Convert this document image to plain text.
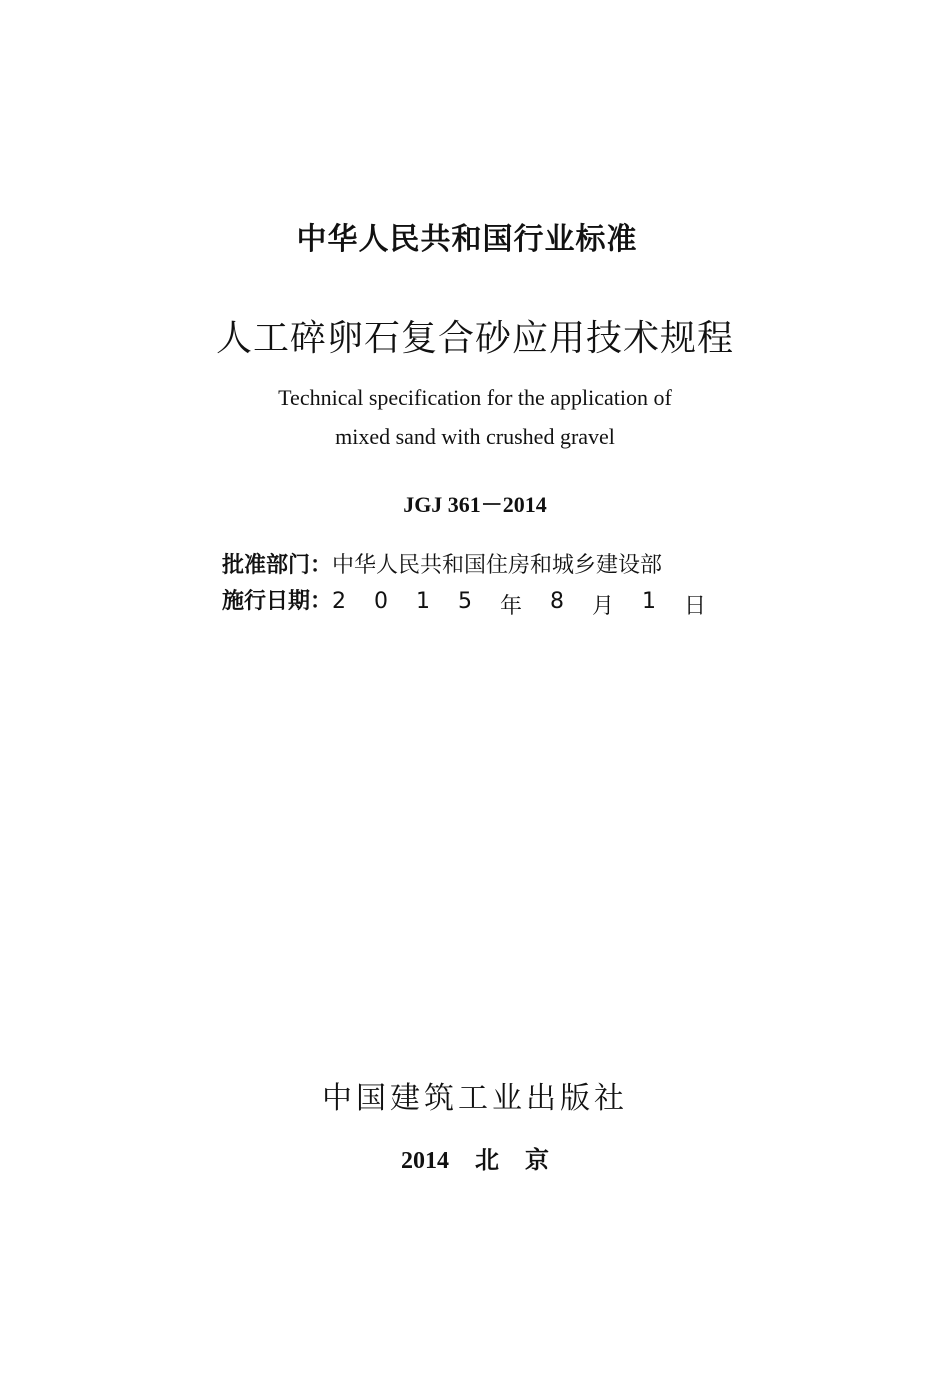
中华人民共和国行业标准
人工碎卵石复合砂应用技术规程
Technical specification for the application of
mixed sand with crushed gravel
JGJ 361－2014
批准部门：中华人民共和国住房和城乡建设部
施行日期： 2 0 1 5 年 8 月 1 日
中国建筑工业出版社
2014 北 京
